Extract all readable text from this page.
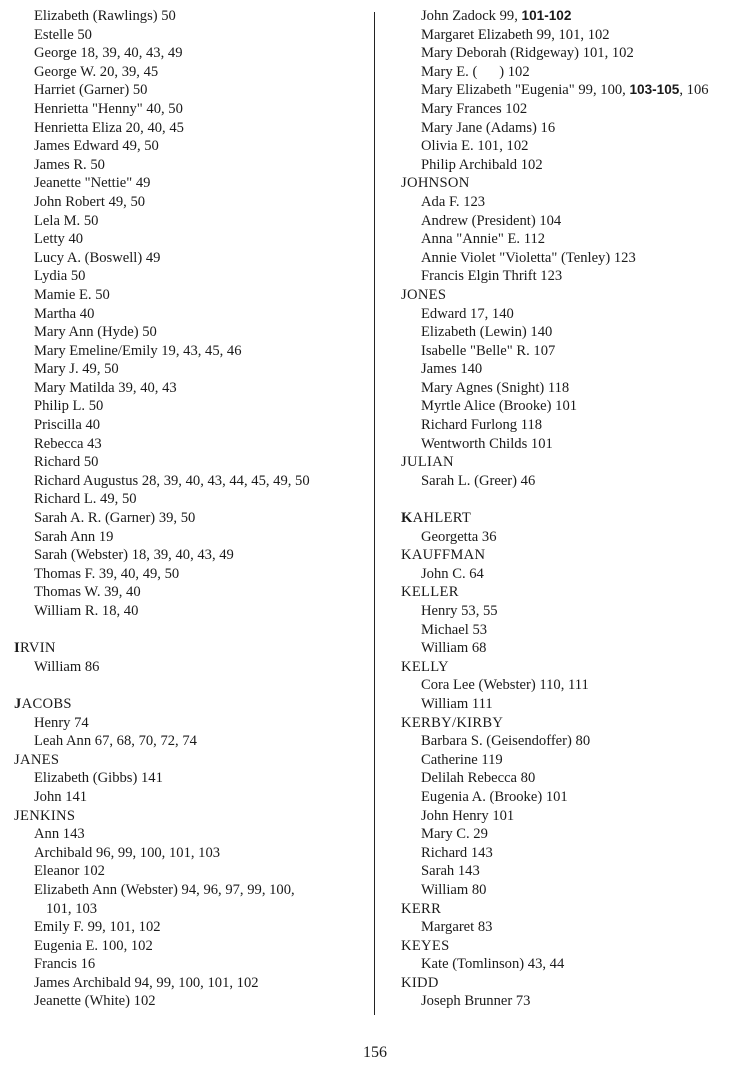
Elizabeth (Rawlings) 50
Estelle 50
George 18, 39, 40, 43, 49
George W. 20, 39, 45
Harriet (Garner) 50
Henrietta "Henny" 40, 50
Henrietta Eliza 20, 40, 45
James Edward 49, 50
James R. 50
Jeanette "Nettie" 49
John Robert 49, 50
Lela M. 50
Letty 40
Lucy A. (Boswell) 49
Lydia 50
Mamie E. 50
Martha 40
Mary Ann (Hyde) 50
Mary Emeline/Emily 19, 43, 45, 46
Mary J. 49, 50
Mary Matilda 39, 40, 43
Philip L. 50
Priscilla 40
Rebecca 43
Richard 50
Richard Augustus 28, 39, 40, 43, 44, 45, 49, 50
Richard L. 49, 50
Sarah A. R. (Garner) 39, 50
Sarah Ann 19
Sarah (Webster) 18, 39, 40, 43, 49
Thomas F. 39, 40, 49, 50
Thomas W. 39, 40
William R. 18, 40
IRVIN
William 86
JACOBS
Henry 74
Leah Ann 67, 68, 70, 72, 74
JANES
Elizabeth (Gibbs) 141
John 141
JENKINS
Ann 143
Archibald 96, 99, 100, 101, 103
Eleanor 102
Elizabeth Ann (Webster) 94, 96, 97, 99, 100,
101, 103
Emily F. 99, 101, 102
Eugenia E. 100, 102
Francis 16
James Archibald 94, 99, 100, 101, 102
Jeanette (White) 102
John Zadock 99, 101-102
Margaret Elizabeth 99, 101, 102
Mary Deborah (Ridgeway) 101, 102
Mary E. (      ) 102
Mary Elizabeth "Eugenia" 99, 100, 103-105, 106
Mary Frances 102
Mary Jane (Adams) 16
Olivia E. 101, 102
Philip Archibald 102
JOHNSON
Ada F. 123
Andrew (President) 104
Anna "Annie" E. 112
Annie Violet "Violetta" (Tenley) 123
Francis Elgin Thrift 123
JONES
Edward 17, 140
Elizabeth (Lewin) 140
Isabelle "Belle" R. 107
James 140
Mary Agnes (Snight) 118
Myrtle Alice (Brooke) 101
Richard Furlong 118
Wentworth Childs 101
JULIAN
Sarah L. (Greer) 46
KAHLERT
Georgetta 36
KAUFFMAN
John C. 64
KELLER
Henry 53, 55
Michael 53
William 68
KELLY
Cora Lee (Webster) 110, 111
William 111
KERBY/KIRBY
Barbara S. (Geisendoffer) 80
Catherine 119
Delilah Rebecca 80
Eugenia A. (Brooke) 101
John Henry 101
Mary C. 29
Richard 143
Sarah 143
William 80
KERR
Margaret 83
KEYES
Kate (Tomlinson) 43, 44
KIDD
Joseph Brunner 73
156
